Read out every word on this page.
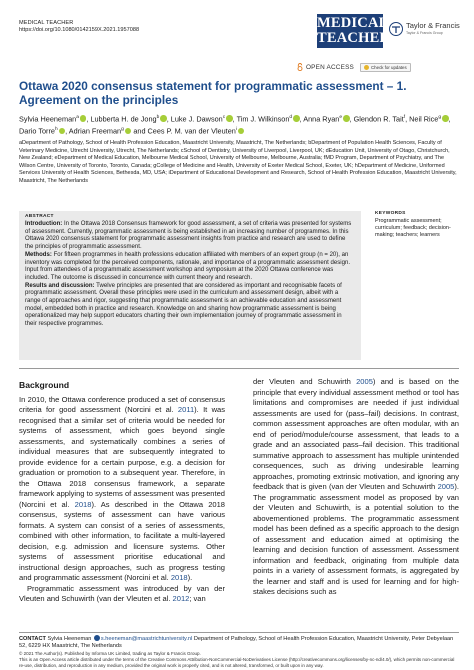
MEDICAL TEACHER
https://doi.org/10.1080/0142159X.2021.1957088	MEDICAL
TEACHER
Taylor & Francis
Taylor & Francis Group
OPEN ACCESS	Check for updates
Ottawa 2020 consensus statement for programmatic assessment – 1. Agreement on the principles
Sylvia Heeneman$^a$ , Lubberta H. de Jong$^b$ , Luke J. Dawson$^c$ , Tim J. Wilkinson$^d$ , Anna Ryan$^e$ , Glendon R. Tait$^f$, Neil Rice$^g$ , Dario Torre$^h$ , Adrian Freeman$^g$ and Cees P. M. van der Vleuten$^i$
aDepartment of Pathology, School of Health Profession Education, Maastricht University, Maastricht, The Netherlands; bDepartment of Population Health Sciences, Faculty of Veterinary Medicine, Utrecht University, Utrecht, The Netherlands; cSchool of Dentistry, University of Liverpool, Liverpool, UK; dEducation Unit, University of Otago, Christchurch, New Zealand; eDepartment of Medical Education, Melbourne Medical School, University of Melbourne, Melbourne, Australia; fMD Program, Department of Psychiatry, and The Wilson Centre, University of Toronto, Toronto, Canada; gCollege of Medicine and Health, University of Exeter Medical School, Exeter, UK; hDepartment of Medicine, Uniformed Services University of Health Sciences, Bethesda, MD, USA; iDepartment of Educational Development and Research, School of Health Profession Education, Maastricht University, Maastricht, The Netherlands
ABSTRACT

Introduction: In the Ottawa 2018 Consensus framework for good assessment, a set of criteria was presented for systems of assessment. Currently, programmatic assessment is being established in an increasing number of programmes. In this Ottawa 2020 consensus statement for programmatic assessment insights from practice and research are used to define the principles of programmatic assessment.
Methods: For fifteen programmes in health professions education affiliated with members of an expert group (n = 20), an inventory was completed for the perceived components, rationale, and importance of a programmatic assessment design. Input from attendees of a programmatic assessment workshop and symposium at the 2020 Ottawa conference was included. The outcome is discussed in concurrence with current theory and research.
Results and discussion: Twelve principles are presented that are considered as important and recognisable facets of programmatic assessment. Overall these principles were used in the curriculum and assessment design, albeit with a range of approaches and rigor, suggesting that programmatic assessment is an achievable education and assessment model, embedded both in practice and research. Knowledge on and sharing how programmatic assessment is being operationalized may help support educators charting their own implementation journey of programmatic assessment in their respective programmes.

KEYWORDS
Programmatic assessment; curriculum; feedback; decision-making; teachers; learners
Background

In 2010, the Ottawa conference produced a set of consensus criteria for good assessment (Norcini et al. 2011). It was recognised that a similar set of criteria would be needed for systems of assessment, which goes beyond single assessments, and systematically combines a series of individual measures that are subsequently integrated to provide evidence for a certain purpose, e.g. a decision for graduation or promotion to a subsequent year. Therefore, in the Ottawa 2018 consensus framework, a separate framework applying to systems of assessment was presented (Norcini et al. 2018). As described in the Ottawa 2018 consensus, systems of assessment can have various formats. A system can consist of a series of assessments, combined with other information, to facilitate a multi-layered decision, e.g. admission and licensure systems. Other systems of assessment prioritise educational and instructional design approaches, such as progress testing and programmatic assessment (Norcini et al. 2018).

Programmatic assessment was introduced by van der Vleuten and Schuwirth (van der Vleuten et al. 2012; van

der Vleuten and Schuwirth 2005) and is based on the principle that every individual assessment method or tool has limitations and compromises are needed if just individual assessments are used for (pass–fail) decisions. In contrast, common assessment approaches are often modular, with an end of period/module/course assessment, that leads to a grade and an associated pass–fail decision. This traditional summative approach to assessment has multiple unintended consequences, such as driving undesirable learning approaches, promoting extrinsic motivation, and ignoring any feedback that is given (van der Vleuten and Schuwirth 2005). The programmatic assessment model as proposed by van der Vleuten and Schuwirth, is a potential solution to the abovementioned problems. The programmatic assessment model has been defined as a specific approach to the design of assessment and education aimed at optimising the learning and decision function of assessment. Assessment information and feedback, originating from multiple data points in a variety of assessment formats, is aggregated by the learner and staff and is used for learning and for high-stakes decisions such as

CONTACT Sylvia Heeneman s.heeneman@maastrichtuniversity.nl Department of Pathology, School of Health Profession Education, Maastricht University, Peter Debyelaan 52, 6229 HX Maastricht, The Netherlands
© 2021 The Author(s). Published by Informa UK Limited, trading as Taylor & Francis Group.
This is an Open Access article distributed under the terms of the Creative Commons Attribution-NonCommercial-NoDerivatives License (http://creativecommons.org/licenses/by-nc-nd/4.0/), which permits non-commercial re-use, distribution, and reproduction in any medium, provided the original work is properly cited, and is not altered, transformed, or built upon in any way.
